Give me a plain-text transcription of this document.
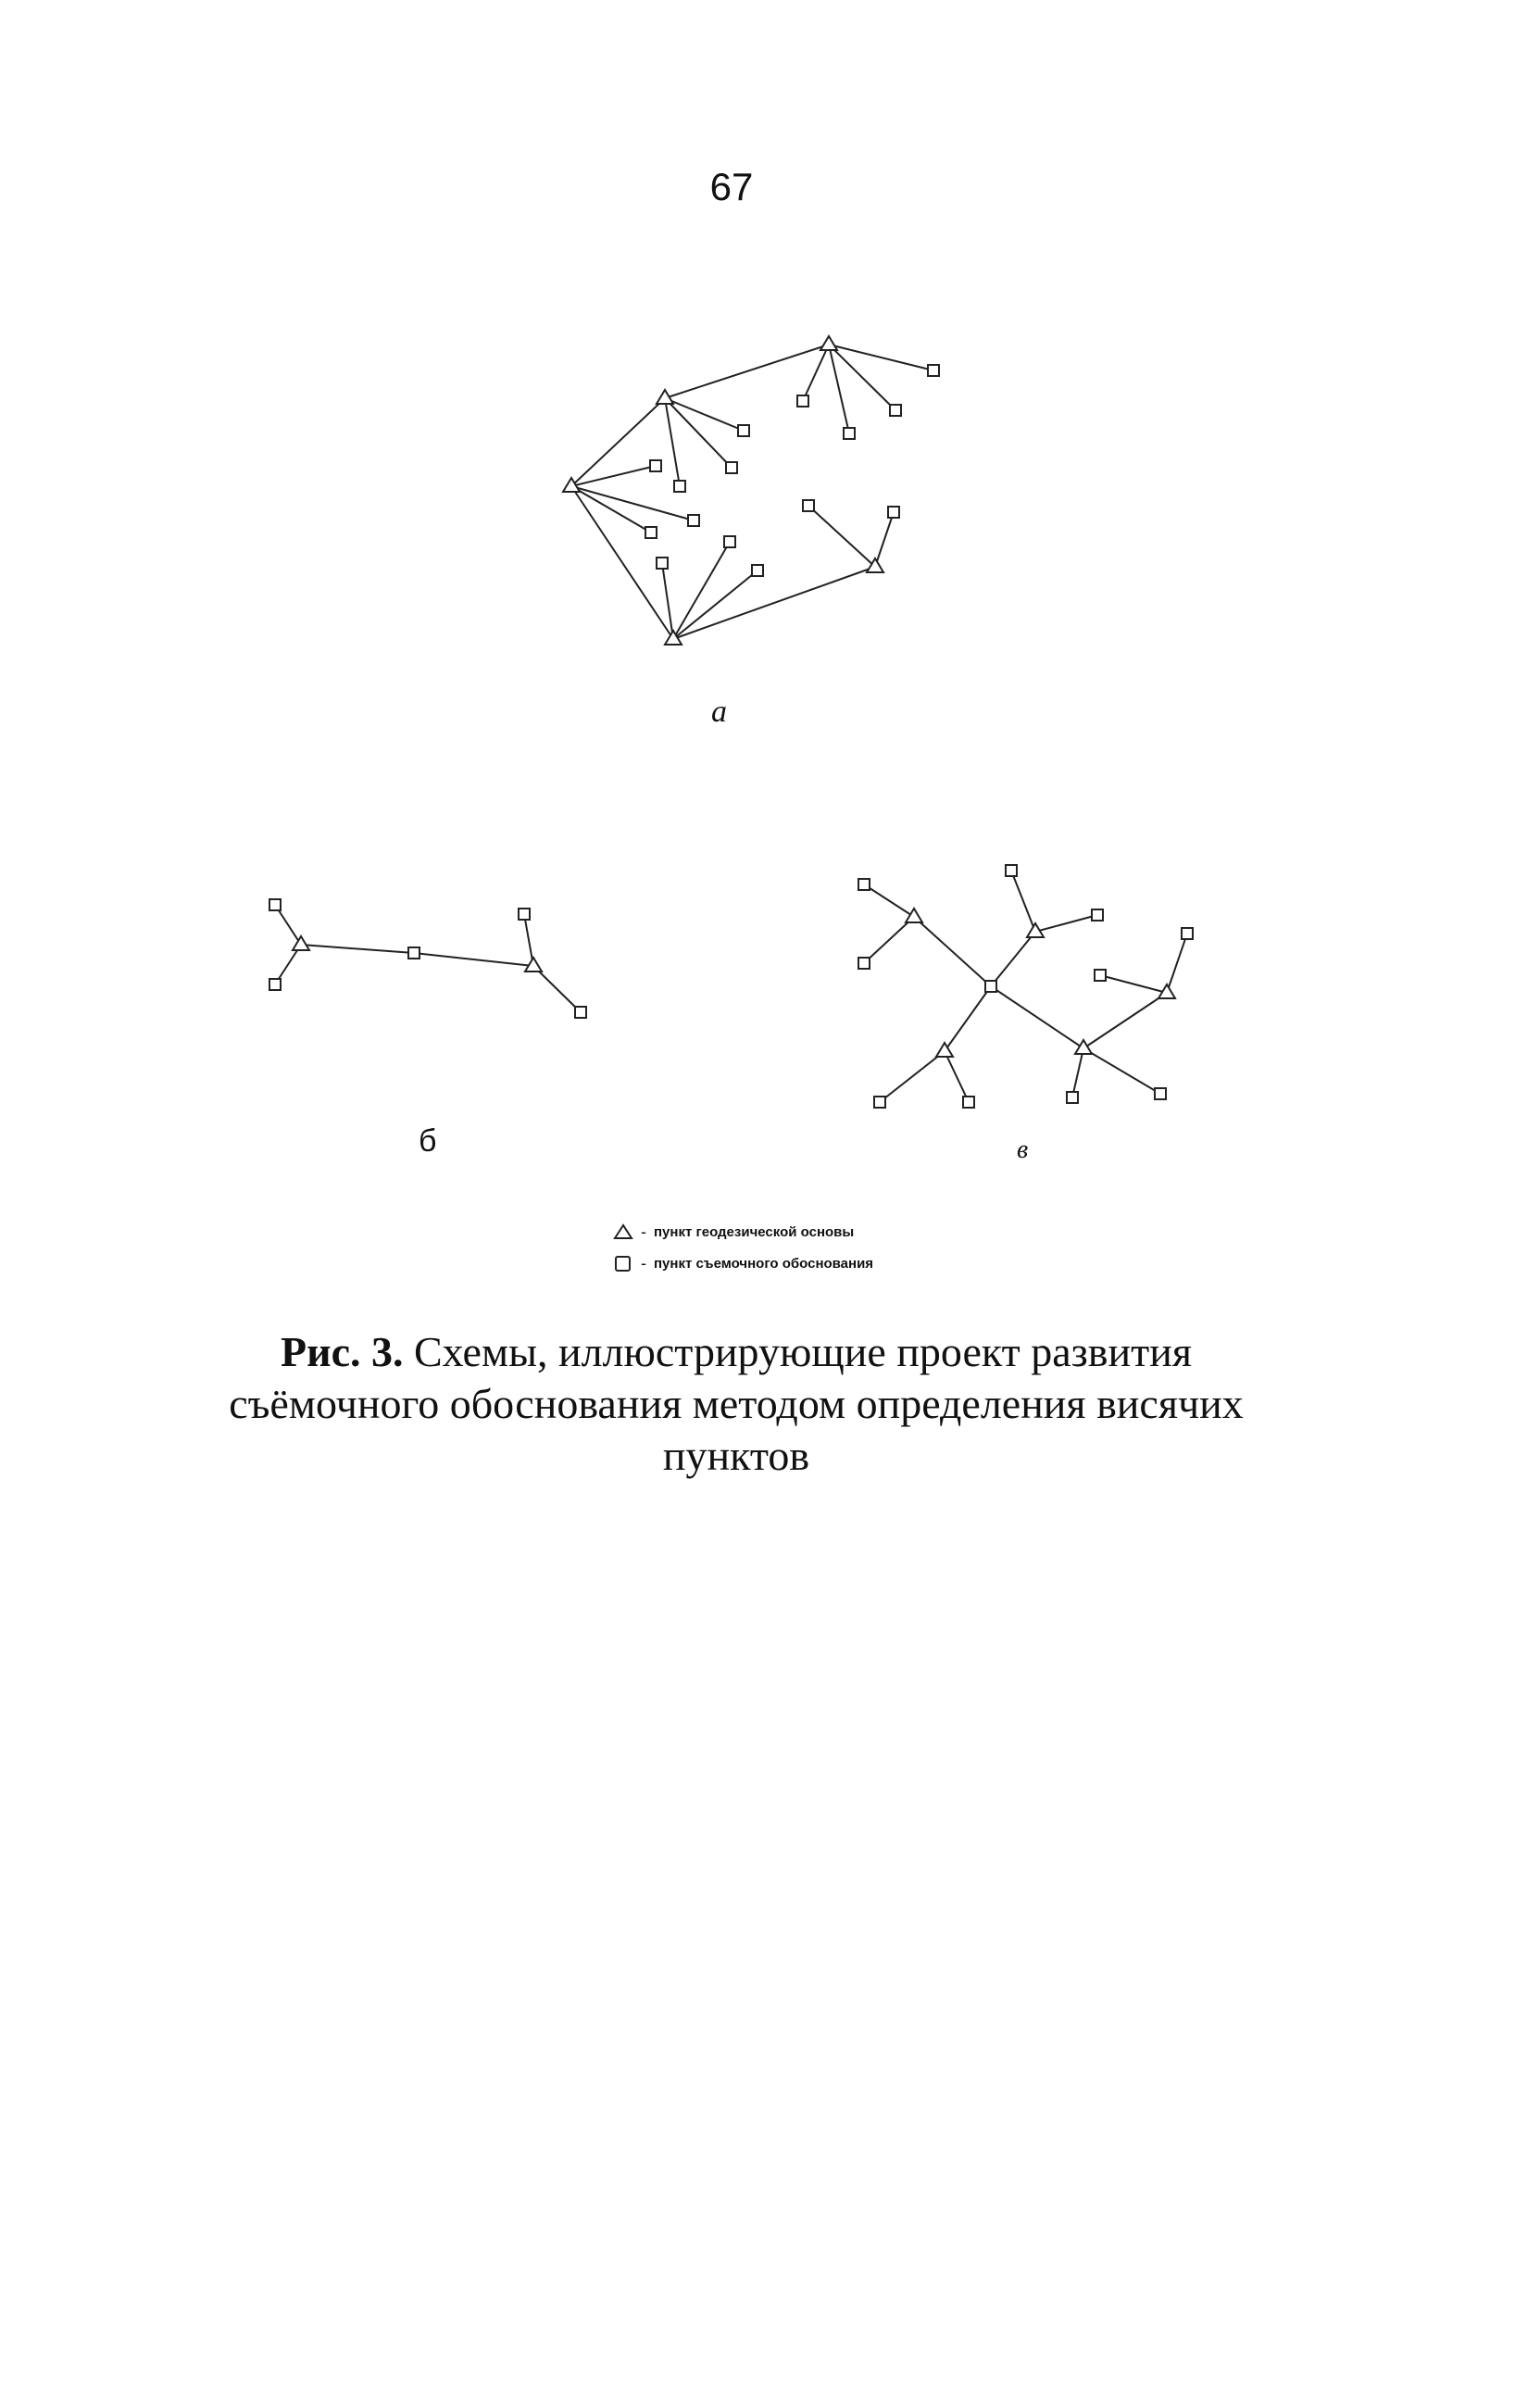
67
а
б	в
- пункт геодезической основы
- пункт съемочного обоснования
Рис. 3. Схемы, иллюстрирующие проект развития
съёмочного обоснования методом определения висячих
пунктов
